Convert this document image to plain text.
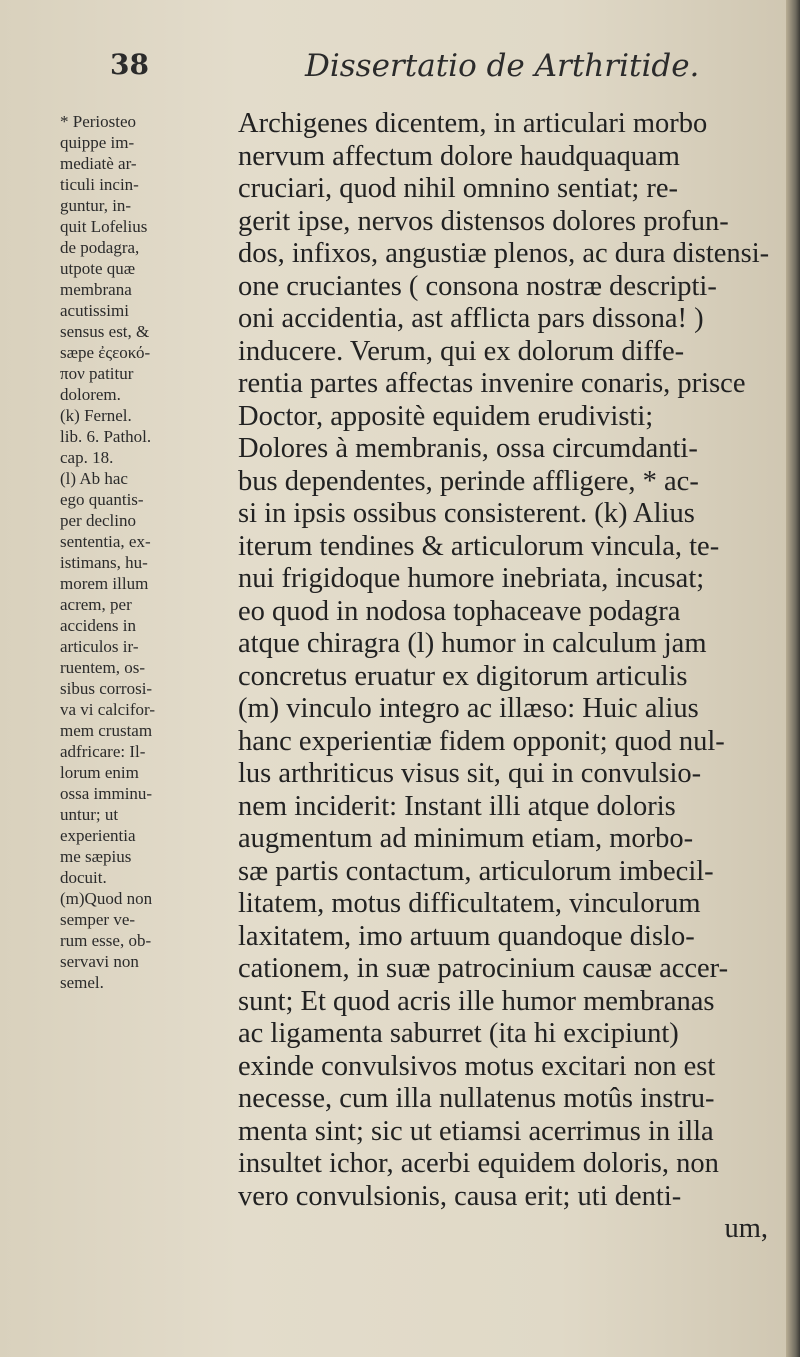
38	Dissertatio de Arthritide.
* Periosteo
quippe im-
mediatè ar-
ticuli incin-
guntur, in-
quit Lofelius
de podagra,
utpote quæ
membrana
acutissimi
sensus est, &
sæpe ἐςεοκό-
πον patitur
dolorem.
(k) Fernel.
lib. 6. Pathol.
cap. 18.
(l) Ab hac
ego quantis-
per declino
sententia, ex-
istimans, hu-
morem illum
acrem, per
accidens in
articulos ir-
ruentem, os-
sibus corrosi-
va vi calcifor-
mem crustam
adfricare: Il-
lorum enim
ossa imminu-
untur; ut
experientia
me sæpius
docuit.
(m)Quod non
semper ve-
rum esse, ob-
servavi non
semel.
Archigenes dicentem, in articulari morbo
nervum affectum dolore haudquaquam
cruciari, quod nihil omnino sentiat; re-
gerit ipse, nervos distensos dolores profun-
dos, infixos, angustiæ plenos, ac dura distensi-
one cruciantes ( consona nostræ descripti-
oni accidentia, ast afflicta pars dissona! )
inducere. Verum, qui ex dolorum diffe-
rentia partes affectas invenire conaris, prisce
Doctor, appositè equidem erudivisti;
Dolores à membranis, ossa circumdanti-
bus dependentes, perinde affligere, * ac-
si in ipsis ossibus consisterent. (k) Alius
iterum tendines & articulorum vincula, te-
nui frigidoque humore inebriata, incusat;
eo quod in nodosa tophaceave podagra
atque chiragra (l) humor in calculum jam
concretus eruatur ex digitorum articulis
(m) vinculo integro ac illæso: Huic alius
hanc experientiæ fidem opponit; quod nul-
lus arthriticus visus sit, qui in convulsio-
nem inciderit: Instant illi atque doloris
augmentum ad minimum etiam, morbo-
sæ partis contactum, articulorum imbecil-
litatem, motus difficultatem, vinculorum
laxitatem, imo artuum quandoque dislo-
cationem, in suæ patrocinium causæ accer-
sunt; Et quod acris ille humor membranas
ac ligamenta saburret (ita hi excipiunt)
exinde convulsivos motus excitari non est
necesse, cum illa nullatenus motûs instru-
menta sint; sic ut etiamsi acerrimus in illa
insultet ichor, acerbi equidem doloris, non
vero convulsionis, causa erit; uti denti-
um,
